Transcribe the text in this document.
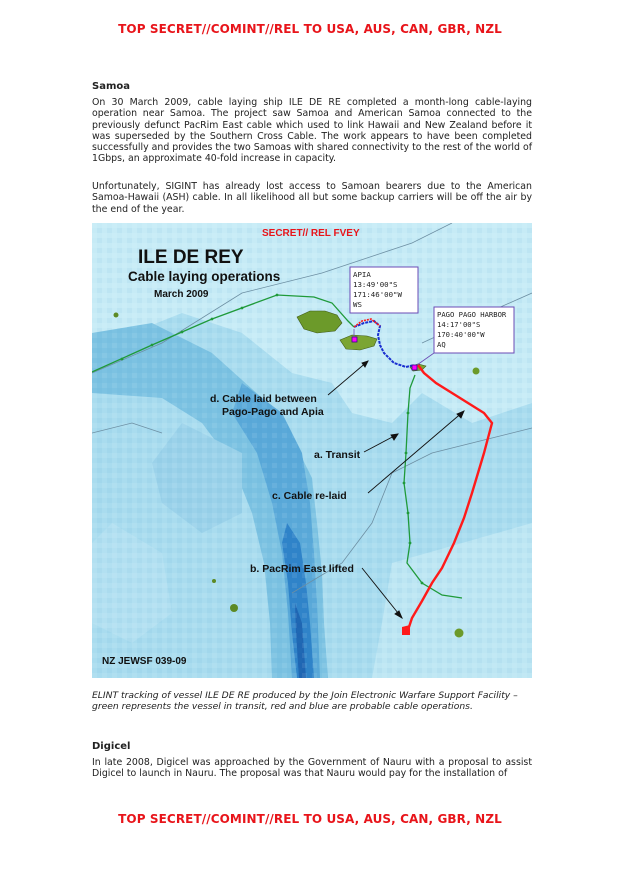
TOP SECRET//COMINT//REL TO USA, AUS, CAN, GBR, NZL
Samoa
On 30 March 2009, cable laying ship ILE DE RE completed a month-long cable-laying operation near Samoa. The project saw Samoa and American Samoa connected to the previously defunct PacRim East cable which used to link Hawaii and New Zealand before it was superseded by the Southern Cross Cable. The work appears to have been completed successfully and provides the two Samoas with shared connectivity to the rest of the world of 1Gbps, an approximate 40-fold increase in capacity.
Unfortunately, SIGINT has already lost access to Samoan bearers due to the American Samoa-Hawaii (ASH) cable. In all likelihood all but some backup carriers will be off the air by the end of the year.
APIA
13:49'00"S
171:46'00"W
WS
PAGO PAGO HARBOR
14:17'00"S
170:40'00"W
AQ
SECRET// REL FVEY
ILE DE REY
Cable laying operations
March 2009
d. Cable laid between
Pago-Pago and Apia
a. Transit
c. Cable re-laid
b. PacRim East lifted
NZ JEWSF 039-09
ELINT tracking of vessel ILE DE RE produced by the Join Electronic Warfare Support Facility – green represents the vessel in transit, red and blue are probable cable operations.
Digicel
In late 2008, Digicel was approached by the Government of Nauru with a proposal to assist Digicel to launch in Nauru. The proposal was that Nauru would pay for the installation of
TOP SECRET//COMINT//REL TO USA, AUS, CAN, GBR, NZL
